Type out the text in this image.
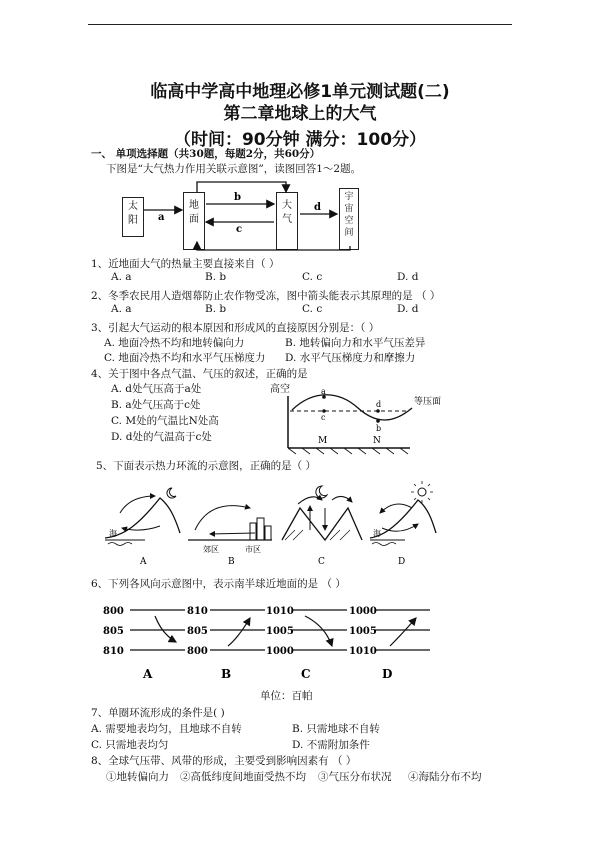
临高中学高中地理必修1单元测试题(二)
第二章地球上的大气
（时间：90分钟 满分：100分）
一、 单项选择题（共30题，每题2分，共60分）
下图是“大气热力作用关联示意图”，读图回答1～2题。
太
阳
地
面
大
气
宇
宙
空
间
a
b
c
d
1、近地面大气的热量主要直接来自（ ）
A. a	B. b	C. c	D. d
2、冬季农民用人造烟幕防止农作物受冻，图中箭头能表示其原理的是 （ ）
A. a	B. b	C. c	D. d
3、引起大气运动的根本原因和形成风的直接原因分别是：（ ）
A. 地面冷热不均和地转偏向力	B. 地转偏向力和水平气压差异
C. 地面冷热不均和水平气压梯度力 D. 水平气压梯度力和摩擦力
4、关于图中各点气温、气压的叙述，正确的是
A. d处气压高于a处
B. a处气压高于c处
C. M处的气温比N处高
D. d处的气温高于c处
高空	a
c
d
b
等压面
M	N
5、下面表示热力环流的示意图，正确的是（ ）
海
A
郊区	市区
B	C
海
D
6、下列各风向示意图中，表示南半球近地面的是 （ ）
800
805
810
A
810
805
800
B
1010
1005
1000
C
1000
1005
1010
D
单位：百帕
7、单圈环流形成的条件是( )
A. 需要地表均匀，且地球不自转	B. 只需地球不自转
C. 只需地表均匀	D. 不需附加条件
8、全球气压带、风带的形成，主要受到影响因素有 （ ）
①地转偏向力 ②高低纬度间地面受热不均 ③气压分布状况 ④海陆分布不均
